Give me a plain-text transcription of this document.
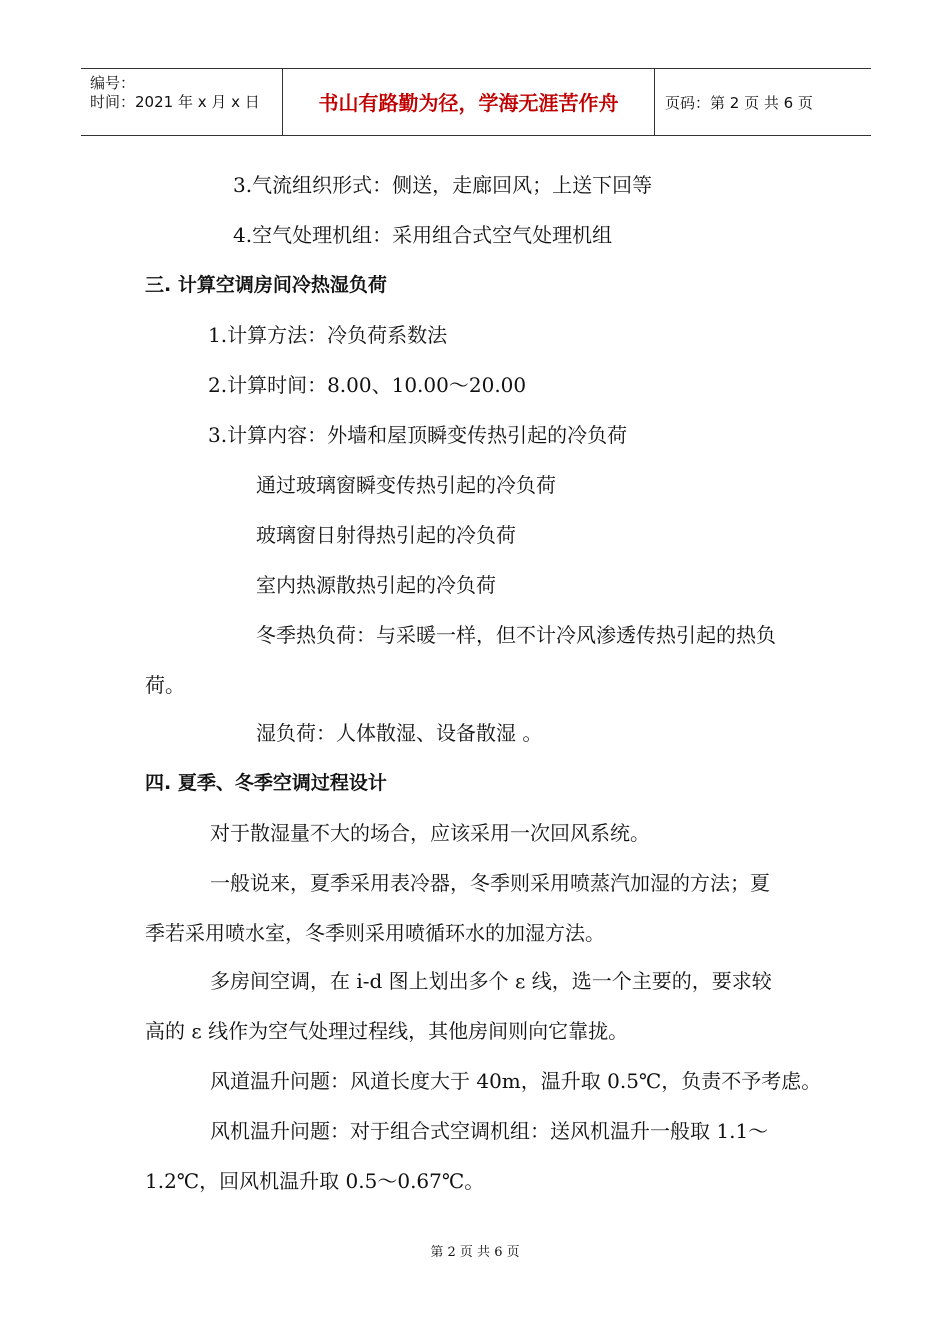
编号：
时间：2021 年 x 月 x 日	书山有路勤为径，学海无涯苦作舟	页码：第 2 页 共 6 页
3.气流组织形式：侧送，走廊回风；上送下回等
4.空气处理机组：采用组合式空气处理机组
三. 计算空调房间冷热湿负荷
1.计算方法：冷负荷系数法
2.计算时间：8.00、10.00～20.00
3.计算内容：外墙和屋顶瞬变传热引起的冷负荷
通过玻璃窗瞬变传热引起的冷负荷
玻璃窗日射得热引起的冷负荷
室内热源散热引起的冷负荷
冬季热负荷：与采暖一样，但不计冷风渗透传热引起的热负
荷。
湿负荷：人体散湿、设备散湿 。
四. 夏季、冬季空调过程设计
对于散湿量不大的场合，应该采用一次回风系统。
一般说来，夏季采用表冷器，冬季则采用喷蒸汽加湿的方法；夏
季若采用喷水室，冬季则采用喷循环水的加湿方法。
多房间空调，在 i-d 图上划出多个 ε 线，选一个主要的，要求较
高的 ε 线作为空气处理过程线，其他房间则向它靠拢。
风道温升问题：风道长度大于 40m，温升取 0.5℃，负责不予考虑。
风机温升问题：对于组合式空调机组：送风机温升一般取 1.1～
1.2℃，回风机温升取 0.5～0.67℃。
第 2 页 共 6 页
